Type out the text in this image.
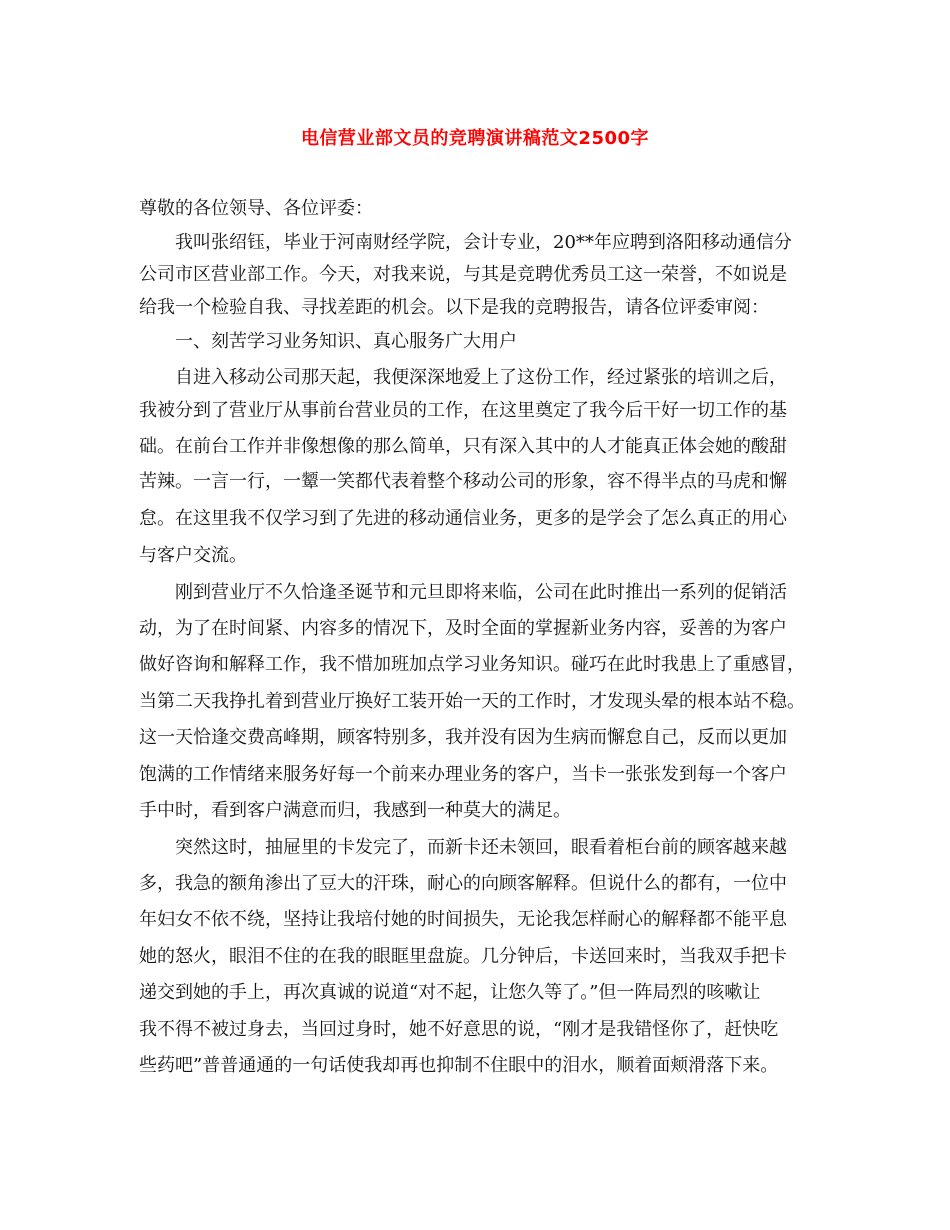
电信营业部文员的竞聘演讲稿范文2500字
尊敬的各位领导、各位评委：
我叫张绍钰，毕业于河南财经学院，会计专业，20**年应聘到洛阳移动通信分
公司市区营业部工作。今天，对我来说，与其是竞聘优秀员工这一荣誉，不如说是
给我一个检验自我、寻找差距的机会。以下是我的竞聘报告，请各位评委审阅：
一、刻苦学习业务知识、真心服务广大用户
自进入移动公司那天起，我便深深地爱上了这份工作，经过紧张的培训之后，
我被分到了营业厅从事前台营业员的工作，在这里奠定了我今后干好一切工作的基
础。在前台工作并非像想像的那么简单，只有深入其中的人才能真正体会她的酸甜
苦辣。一言一行，一颦一笑都代表着整个移动公司的形象，容不得半点的马虎和懈
怠。在这里我不仅学习到了先进的移动通信业务，更多的是学会了怎么真正的用心
与客户交流。
刚到营业厅不久恰逢圣诞节和元旦即将来临，公司在此时推出一系列的促销活
动，为了在时间紧、内容多的情况下，及时全面的掌握新业务内容，妥善的为客户
做好咨询和解释工作，我不惜加班加点学习业务知识。碰巧在此时我患上了重感冒，
当第二天我挣扎着到营业厅换好工装开始一天的工作时，才发现头晕的根本站不稳。
这一天恰逢交费高峰期，顾客特别多，我并没有因为生病而懈怠自己，反而以更加
饱满的工作情绪来服务好每一个前来办理业务的客户，当卡一张张发到每一个客户
手中时，看到客户满意而归，我感到一种莫大的满足。
突然这时，抽屉里的卡发完了，而新卡还未领回，眼看着柜台前的顾客越来越
多，我急的额角渗出了豆大的汗珠，耐心的向顾客解释。但说什么的都有，一位中
年妇女不依不绕，坚持让我培付她的时间损失，无论我怎样耐心的解释都不能平息
她的怒火，眼泪不住的在我的眼眶里盘旋。几分钟后，卡送回来时，当我双手把卡
递交到她的手上，再次真诚的说道“对不起，让您久等了。”但一阵局烈的咳嗽让
我不得不被过身去，当回过身时，她不好意思的说，“刚才是我错怪你了，赶快吃
些药吧”普普通通的一句话使我却再也抑制不住眼中的泪水，顺着面颊滑落下来。
